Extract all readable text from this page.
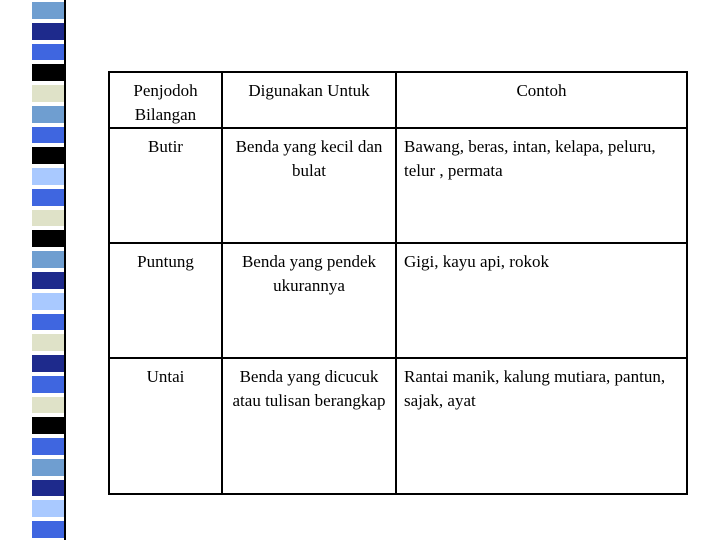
Penjodoh Bilangan	Digunakan Untuk	Contoh
Butir	Benda yang kecil dan bulat	Bawang, beras, intan, kelapa, peluru, telur , permata
Puntung	Benda yang pendek ukurannya	Gigi, kayu api, rokok
Untai	Benda yang dicucuk atau tulisan berangkap	Rantai manik, kalung mutiara, pantun, sajak, ayat
